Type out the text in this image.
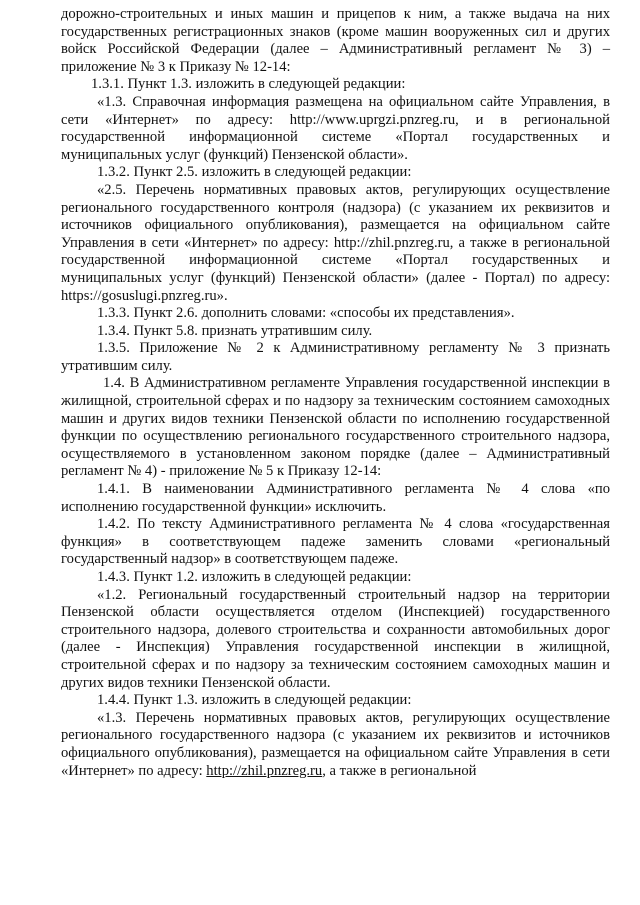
дорожно-строительных и иных машин и прицепов к ним, а также выдача на них государственных регистрационных знаков (кроме машин вооруженных сил и других войск Российской Федерации (далее – Административный регламент № 3) – приложение № 3 к Приказу № 12-14:

1.3.1. Пункт 1.3. изложить в следующей редакции:

«1.3. Справочная информация размещена на официальном сайте Управления, в сети «Интернет» по адресу: http://www.uprgzi.pnzreg.ru, и в региональной государственной информационной системе «Портал государственных и муниципальных услуг (функций) Пензенской области».

1.3.2. Пункт 2.5. изложить в следующей редакции:

«2.5. Перечень нормативных правовых актов, регулирующих осуществление регионального государственного контроля (надзора) (с указанием их реквизитов и источников официального опубликования), размещается на официальном сайте Управления в сети «Интернет» по адресу: http://zhil.pnzreg.ru, а также в региональной государственной информационной системе «Портал государственных и муниципальных услуг (функций) Пензенской области» (далее - Портал) по адресу: https://gosuslugi.pnzreg.ru».

1.3.3. Пункт 2.6. дополнить словами: «способы их представления».

1.3.4. Пункт 5.8. признать утратившим силу.

1.3.5. Приложение № 2 к Административному регламенту № 3 признать утратившим силу.

1.4. В Административном регламенте Управления государственной инспекции в жилищной, строительной сферах и по надзору за техническим состоянием самоходных машин и других видов техники Пензенской области по исполнению государственной функции по осуществлению регионального государственного строительного надзора, осуществляемого в установленном законом порядке (далее – Административный регламент № 4) - приложение № 5 к Приказу 12-14:

1.4.1. В наименовании Административного регламента № 4 слова «по исполнению государственной функции» исключить.

1.4.2. По тексту Административного регламента № 4 слова «государственная функция» в соответствующем падеже заменить словами «региональный государственный надзор» в соответствующем падеже.

1.4.3. Пункт 1.2. изложить в следующей редакции:

«1.2. Региональный государственный строительный надзор на территории Пензенской области осуществляется отделом (Инспекцией) государственного строительного надзора, долевого строительства и сохранности автомобильных дорог (далее - Инспекция) Управления государственной инспекции в жилищной, строительной сферах и по надзору за техническим состоянием самоходных машин и других видов техники Пензенской области.

1.4.4. Пункт 1.3. изложить в следующей редакции:

«1.3. Перечень нормативных правовых актов, регулирующих осуществление регионального государственного надзора (с указанием их реквизитов и источников официального опубликования), размещается на официальном сайте Управления в сети «Интернет» по адресу: http://zhil.pnzreg.ru, а также в региональной
